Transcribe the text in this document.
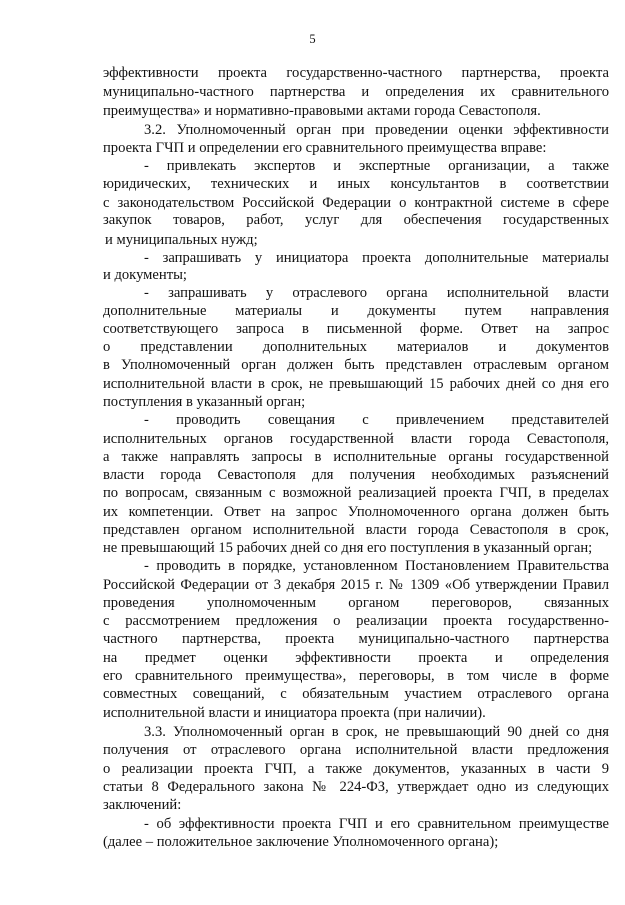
5
эффективности проекта государственно-частного партнерства, проекта
муниципально-частного партнерства и определения их сравнительного
преимущества» и нормативно-правовыми актами города Севастополя.
3.2. Уполномоченный орган при проведении оценки эффективности
проекта ГЧП и определении его сравнительного преимущества вправе:
- привлекать экспертов и экспертные организации, а также
юридических, технических и иных консультантов в соответствии
с законодательством Российской Федерации о контрактной системе в сфере
закупок товаров, работ, услуг для обеспечения государственных
и муниципальных нужд;
- запрашивать у инициатора проекта дополнительные материалы
и документы;
- запрашивать у отраслевого органа исполнительной власти
дополнительные материалы и документы путем направления
соответствующего запроса в письменной форме. Ответ на запрос
о представлении дополнительных материалов и документов
в Уполномоченный орган должен быть представлен отраслевым органом
исполнительной власти в срок, не превышающий 15 рабочих дней со дня его
поступления в указанный орган;
- проводить совещания с привлечением представителей
исполнительных органов государственной власти города Севастополя,
а также направлять запросы в исполнительные органы государственной
власти города Севастополя для получения необходимых разъяснений
по вопросам, связанным с возможной реализацией проекта ГЧП, в пределах
их компетенции. Ответ на запрос Уполномоченного органа должен быть
представлен органом исполнительной власти города Севастополя в срок,
не превышающий 15 рабочих дней со дня его поступления в указанный орган;
- проводить в порядке, установленном Постановлением Правительства
Российской Федерации от 3 декабря 2015 г. № 1309 «Об утверждении Правил
проведения уполномоченным органом переговоров, связанных
с рассмотрением предложения о реализации проекта государственно-
частного партнерства, проекта муниципально-частного партнерства
на предмет оценки эффективности проекта и определения
его сравнительного преимущества», переговоры, в том числе в форме
совместных совещаний, с обязательным участием отраслевого органа
исполнительной власти и инициатора проекта (при наличии).
3.3. Уполномоченный орган в срок, не превышающий 90 дней со дня
получения от отраслевого органа исполнительной власти предложения
о реализации проекта ГЧП, а также документов, указанных в части 9
статьи 8 Федерального закона № 224-ФЗ, утверждает одно из следующих
заключений:
- об эффективности проекта ГЧП и его сравнительном преимуществе
(далее – положительное заключение Уполномоченного органа);
